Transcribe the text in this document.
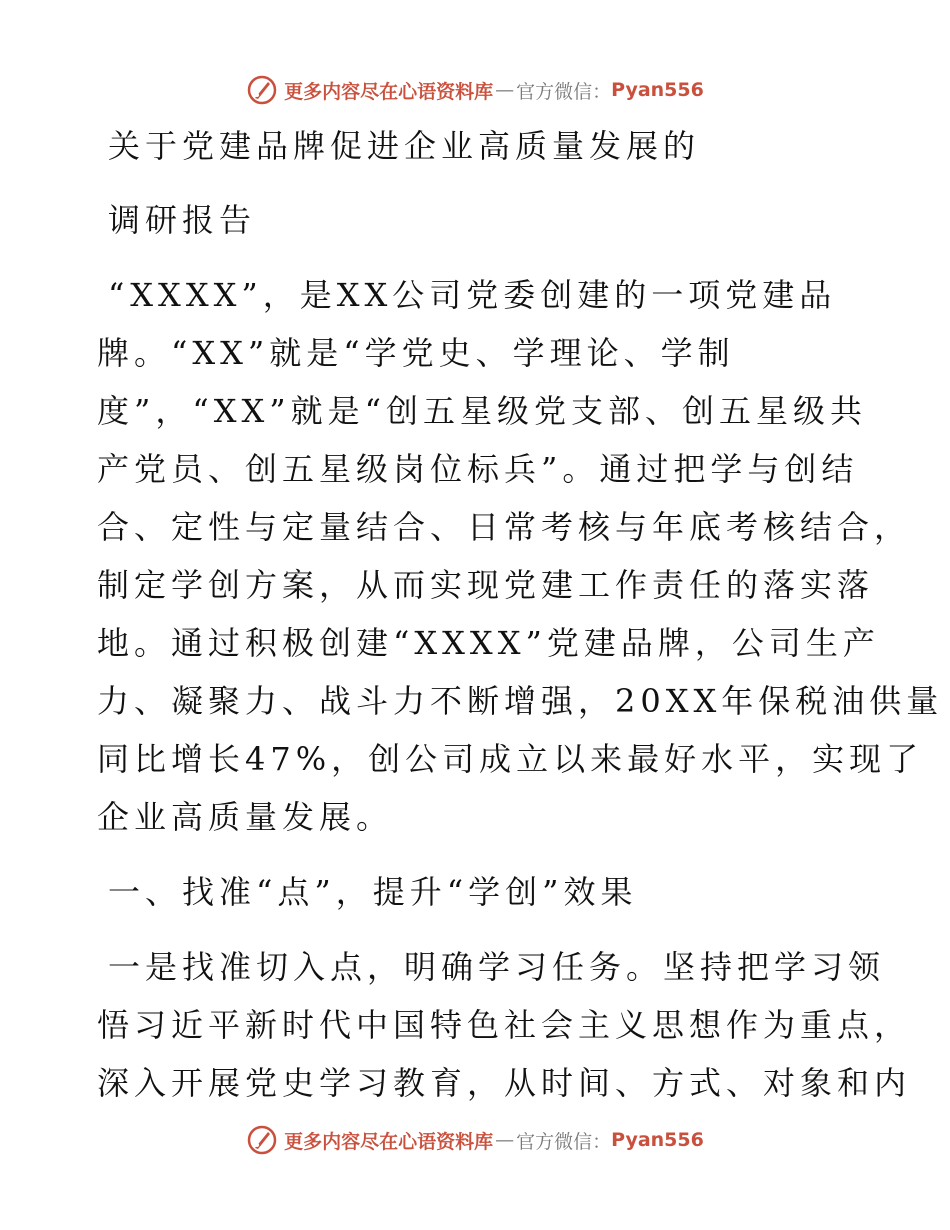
更多内容尽在心语资料库 — 官方微信： Pyan556
关于党建品牌促进企业高质量发展的
调研报告
“XXXX”，是XX公司党委创建的一项党建品
牌。“XX”就是“学党史、学理论、学制
度”，“XX”就是“创五星级党支部、创五星级共
产党员、创五星级岗位标兵”。通过把学与创结
合、定性与定量结合、日常考核与年底考核结合，
制定学创方案，从而实现党建工作责任的落实落
地。通过积极创建“XXXX”党建品牌，公司生产
力、凝聚力、战斗力不断增强，20XX年保税油供量
同比增长47%，创公司成立以来最好水平，实现了
企业高质量发展。
一、找准“点”，提升“学创”效果
一是找准切入点，明确学习任务。坚持把学习领
悟习近平新时代中国特色社会主义思想作为重点，
深入开展党史学习教育，从时间、方式、对象和内
更多内容尽在心语资料库 — 官方微信： Pyan556
